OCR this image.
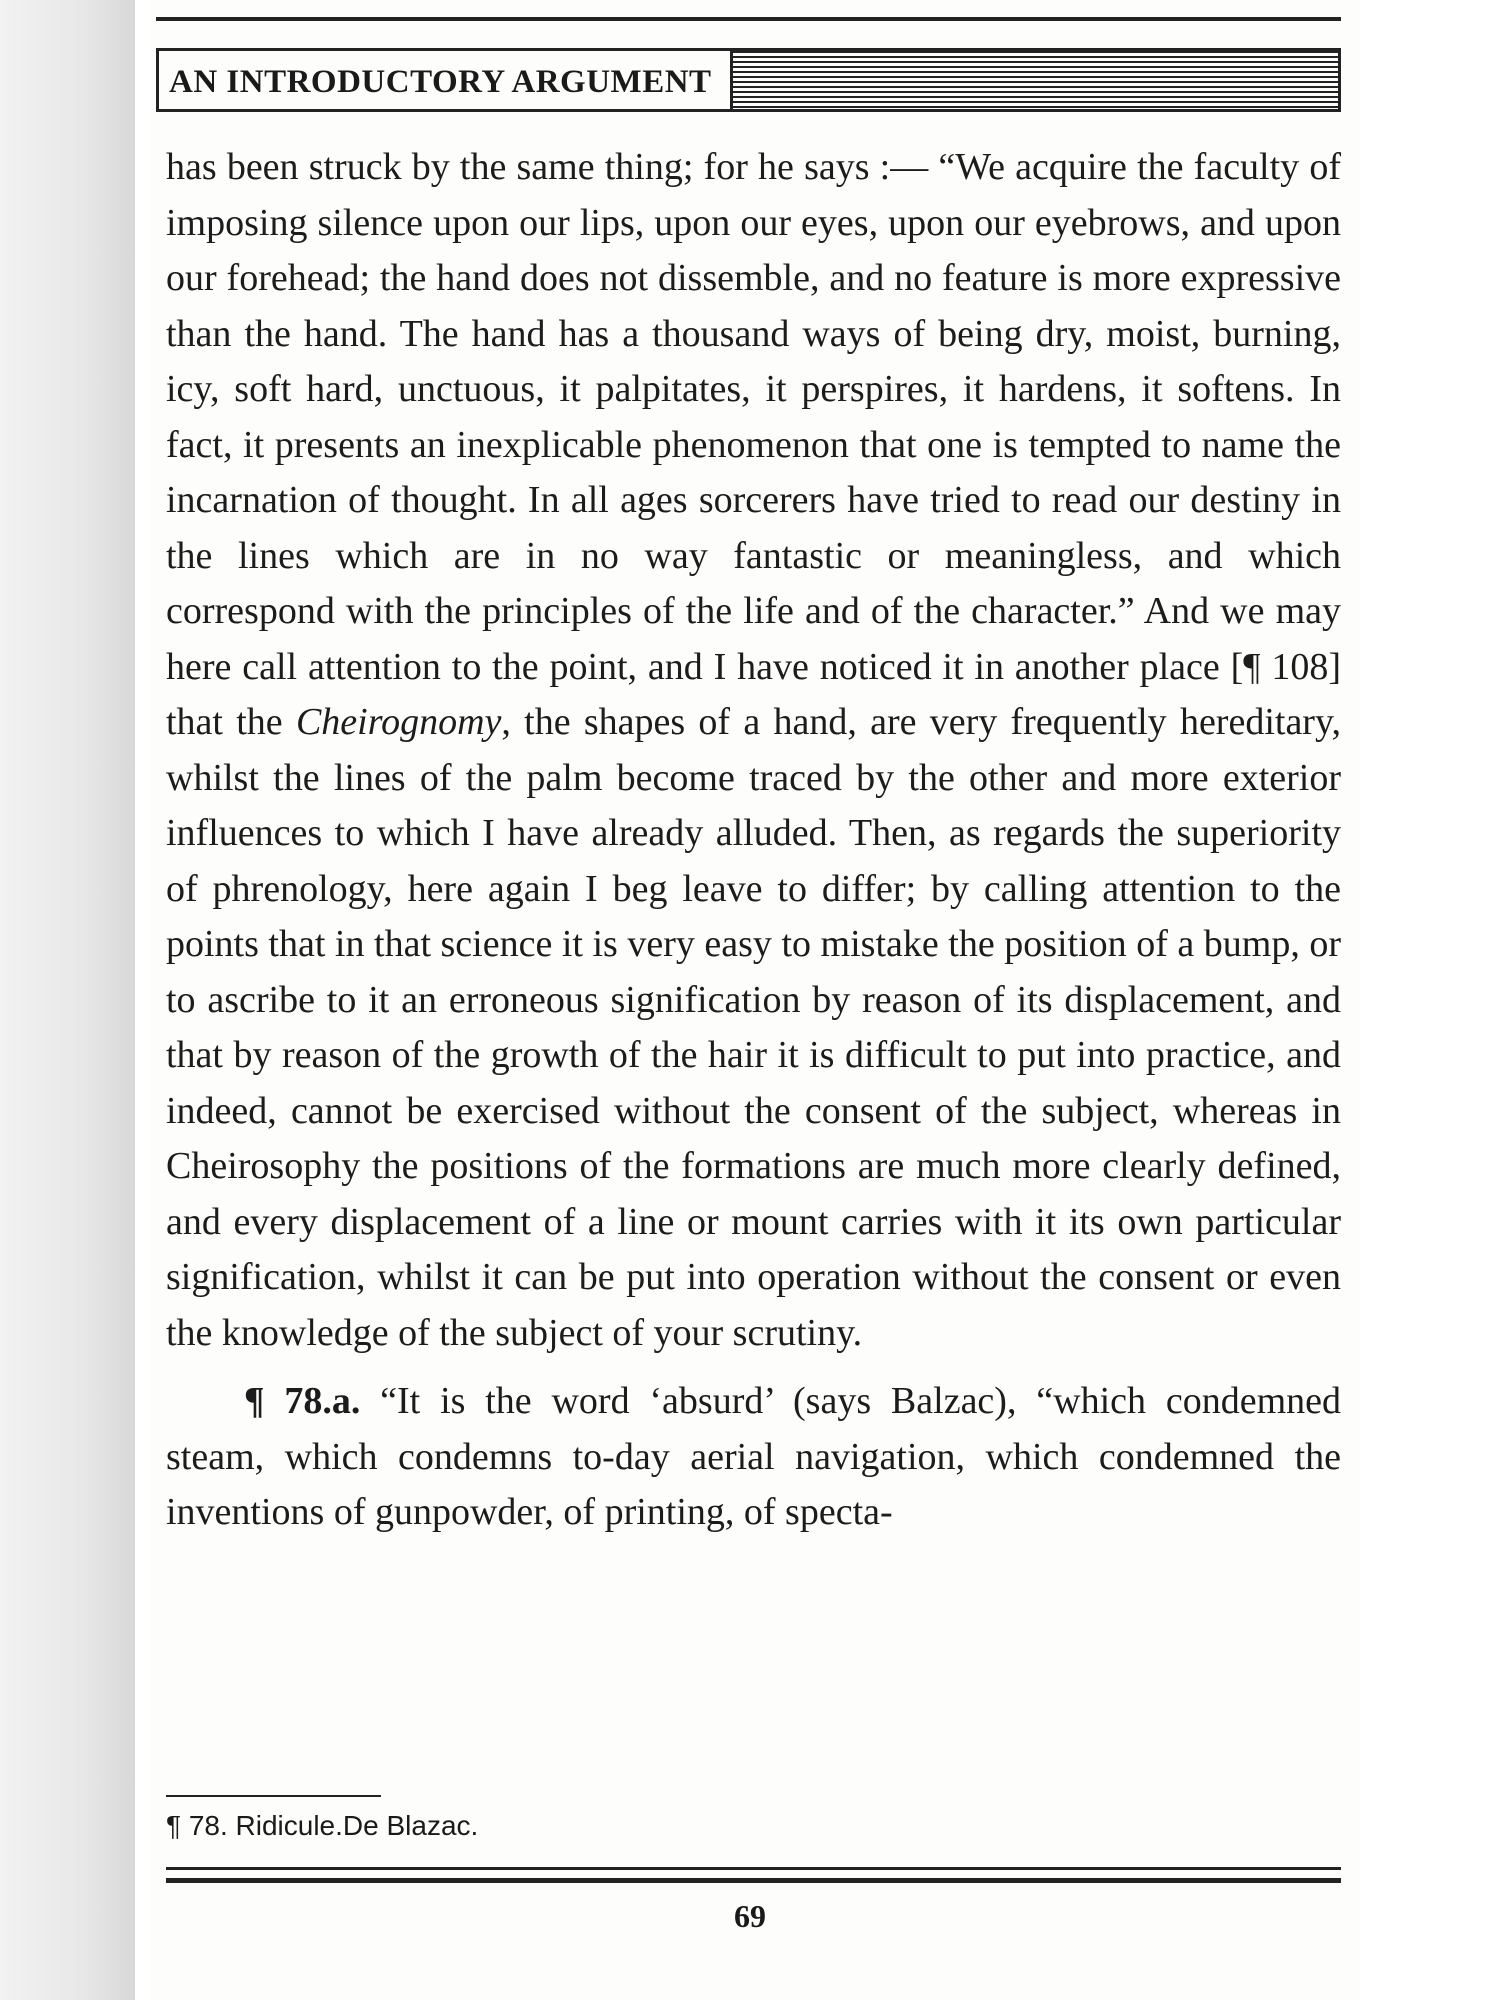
AN INTRODUCTORY ARGUMENT

has been struck by the same thing; for he says :— “We acquire the faculty of imposing silence upon our lips, upon our eyes, upon our eyebrows, and upon our forehead; the hand does not dissemble, and no feature is more expressive than the hand. The hand has a thousand ways of being dry, moist, burning, icy, soft hard, unctuous, it palpitates, it perspires, it hardens, it softens. In fact, it presents an inexplicable phenomenon that one is tempted to name the incarnation of thought. In all ages sorcerers have tried to read our destiny in the lines which are in no way fantastic or meaningless, and which correspond with the principles of the life and of the character.” And we may here call attention to the point, and I have noticed it in another place [¶ 108] that the Cheirognomy, the shapes of a hand, are very frequently hereditary, whilst the lines of the palm become traced by the other and more exterior influences to which I have already alluded. Then, as regards the superiority of phrenology, here again I beg leave to differ; by calling attention to the points that in that science it is very easy to mistake the position of a bump, or to ascribe to it an erroneous signification by reason of its displacement, and that by reason of the growth of the hair it is difficult to put into practice, and indeed, cannot be exercised without the consent of the subject, whereas in Cheirosophy the positions of the formations are much more clearly defined, and every displacement of a line or mount carries with it its own particular signification, whilst it can be put into operation without the consent or even the knowledge of the subject of your scrutiny.

¶ 78.a. “It is the word ‘absurd’ (says Balzac), “which condemned steam, which condemns to-day aerial navigation, which condemned the inventions of gunpowder, of printing, of specta-

¶ 78. Ridicule.De Blazac.
69
